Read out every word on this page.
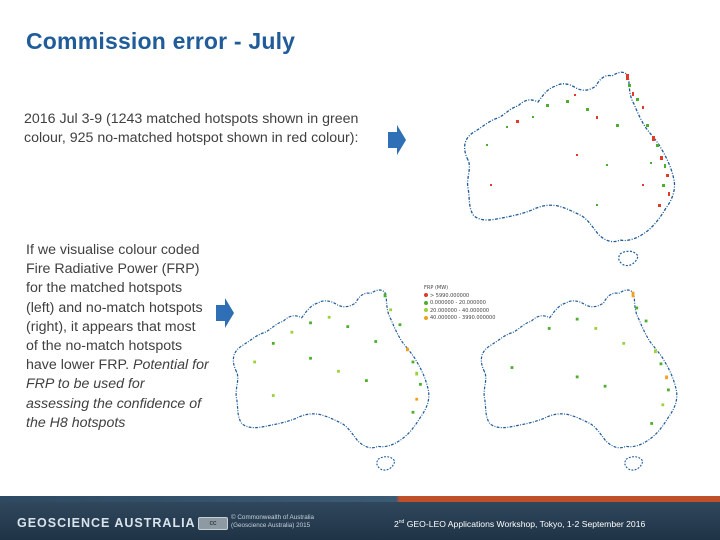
Commission error - July
2016 Jul 3-9 (1243 matched hotspots shown in green colour, 925 no-matched hotspot shown in red colour):
If we visualise colour coded Fire Radiative Power (FRP) for the matched hotspots (left) and no-match hotspots (right), it appears that most of the no-match hotspots have lower FRP. Potential for FRP to be used for assessing the confidence of the H8 hotspots
FRP (MW)
> 5990.000000
0.000000 - 20.000000
20.000000 - 40.000000
40.000000 - 3990.000000
GEOSCIENCE AUSTRALIA	cc
© Commonwealth of Australia
(Geoscience Australia) 2015	2nd GEO-LEO Applications Workshop, Tokyo, 1-2 September 2016
